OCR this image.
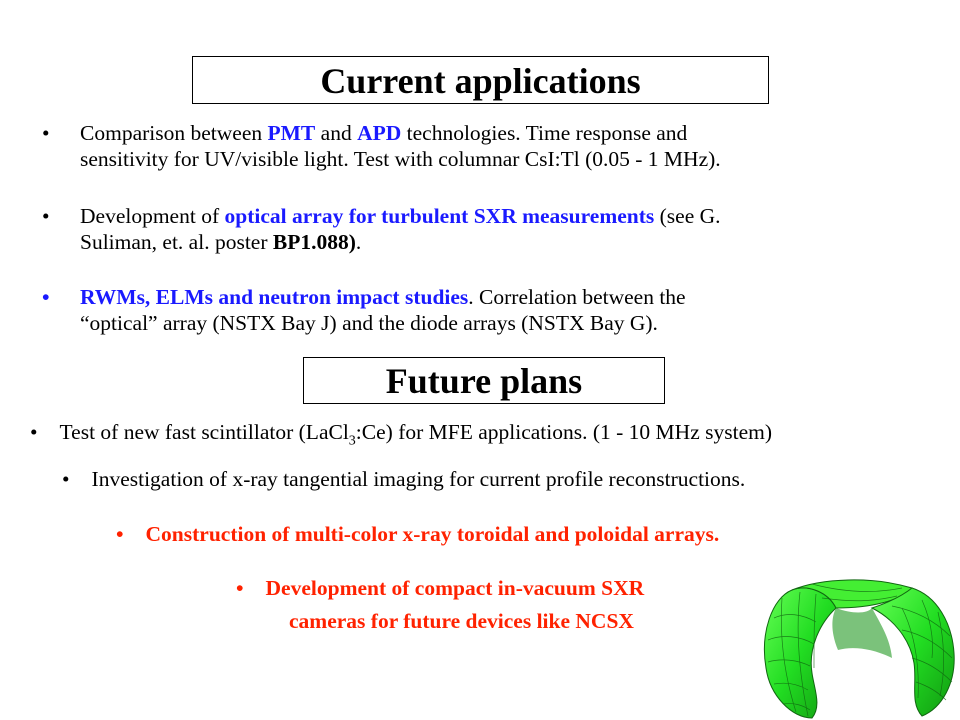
Current applications
• Comparison between PMT and APD technologies. Time response and
sensitivity for UV/visible light. Test with columnar CsI:Tl (0.05 - 1 MHz).
• Development of optical array for turbulent SXR measurements (see G.
Suliman, et. al. poster BP1.088).
• RWMs, ELMs and neutron impact studies. Correlation between the
“optical” array (NSTX Bay J) and the diode arrays (NSTX Bay G).
Future plans
• Test of new fast scintillator (LaCl$_3$:Ce) for MFE applications. (1 - 10 MHz system)
• Investigation of x-ray tangential imaging for current profile reconstructions.
• Construction of multi-color x-ray toroidal and poloidal arrays.
• Development of compact in-vacuum SXR
cameras for future devices like NCSX
